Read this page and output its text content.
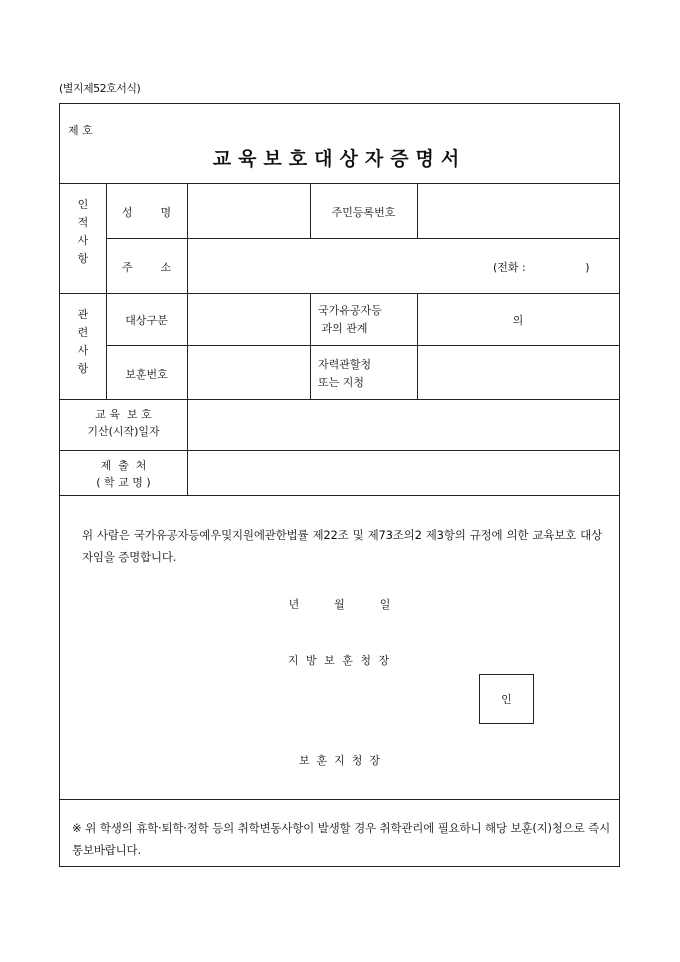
(별지제52호서식)
제 호
교육보호대상자증명서
인
적
사
항
성        명	주민등록번호
주        소	(전화 :                 )
관
련
사
항
대상구분
국가유공자등
과의 관계
의
보훈번호
자력관할청
또는 지청
교 육  보 호
기산(시작)일자
제  출  처
( 학 교 명 )
위 사람은 국가유공자등예우및지원에관한법률 제22조 및 제73조의2 제3항의 규정에 의한 교육보호 대상자임을 증명합니다.
년          월          일
지 방 보 훈 청 장
인
보  훈  지  청  장
※ 위 학생의 휴학·퇴학·정학 등의 취학변동사항이 발생할 경우 취학관리에 필요하니 해당 보훈(지)청으로 즉시 통보바랍니다.
